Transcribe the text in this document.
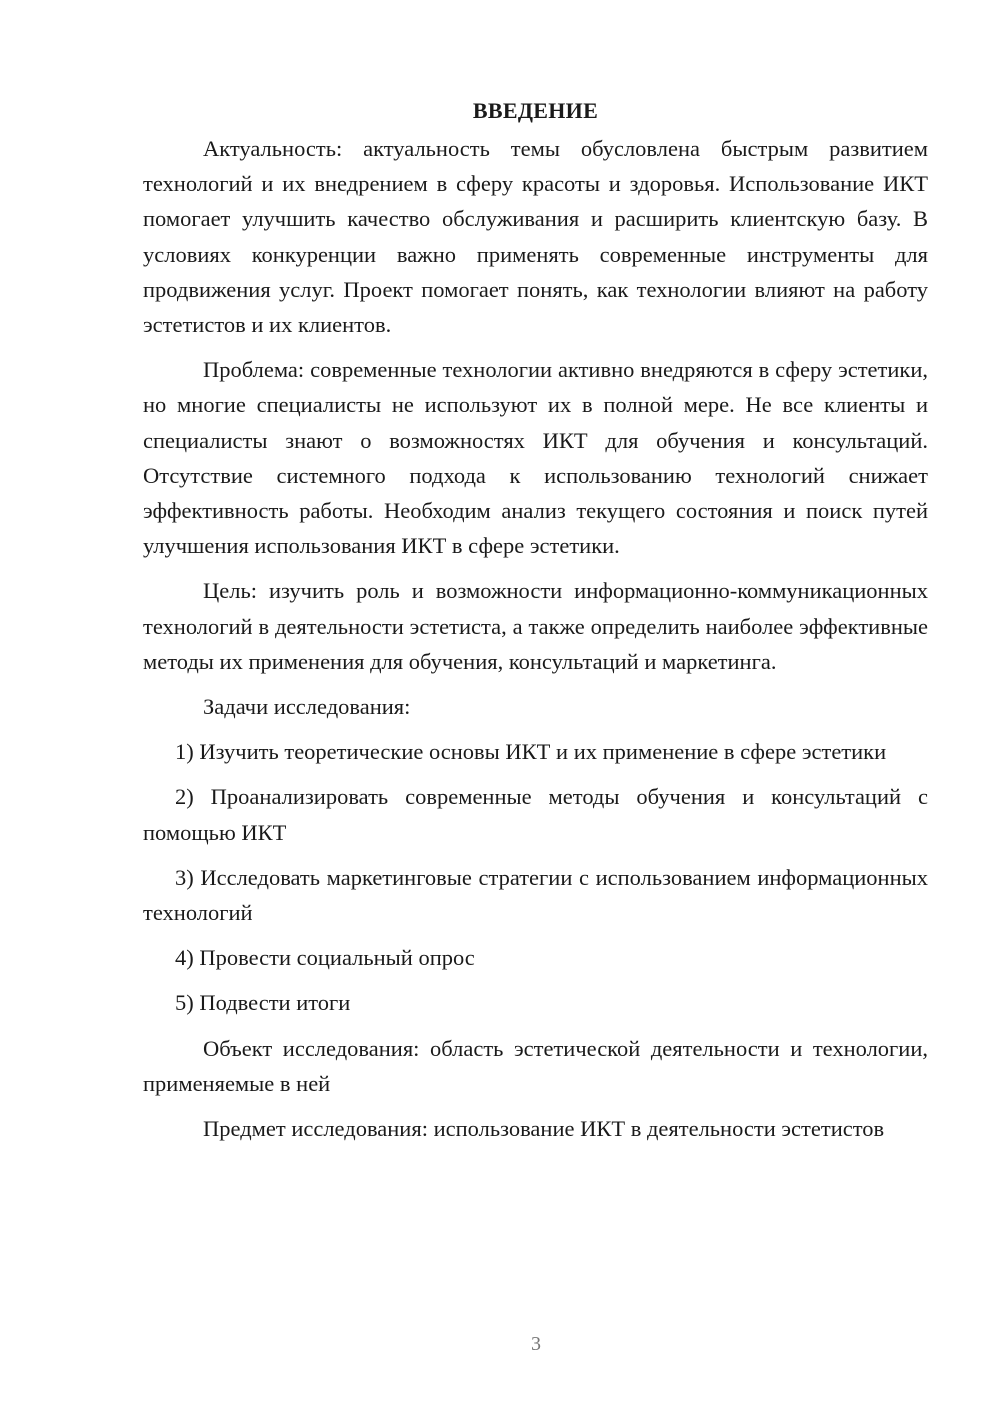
ВВЕДЕНИЕ

Актуальность: актуальность темы обусловлена быстрым развитием технологий и их внедрением в сферу красоты и здоровья. Использование ИКТ помогает улучшить качество обслуживания и расширить клиентскую базу. В условиях конкуренции важно применять современные инструменты для продвижения услуг. Проект помогает понять, как технологии влияют на работу эстетистов и их клиентов.

Проблема: современные технологии активно внедряются в сферу эстетики, но многие специалисты не используют их в полной мере. Не все клиенты и специалисты знают о возможностях ИКТ для обучения и консультаций. Отсутствие системного подхода к использованию технологий снижает эффективность работы. Необходим анализ текущего состояния и поиск путей улучшения использования ИКТ в сфере эстетики.

Цель: изучить роль и возможности информационно-коммуникационных технологий в деятельности эстетиста, а также определить наиболее эффективные методы их применения для обучения, консультаций и маркетинга.

Задачи исследования:

1) Изучить теоретические основы ИКТ и их применение в сфере эстетики

2) Проанализировать современные методы обучения и консультаций с помощью ИКТ

3) Исследовать маркетинговые стратегии с использованием информационных технологий

4) Провести социальный опрос

5) Подвести итоги

Объект исследования: область эстетической деятельности и технологии, применяемые в ней

Предмет исследования: использование ИКТ в деятельности эстетистов

3
